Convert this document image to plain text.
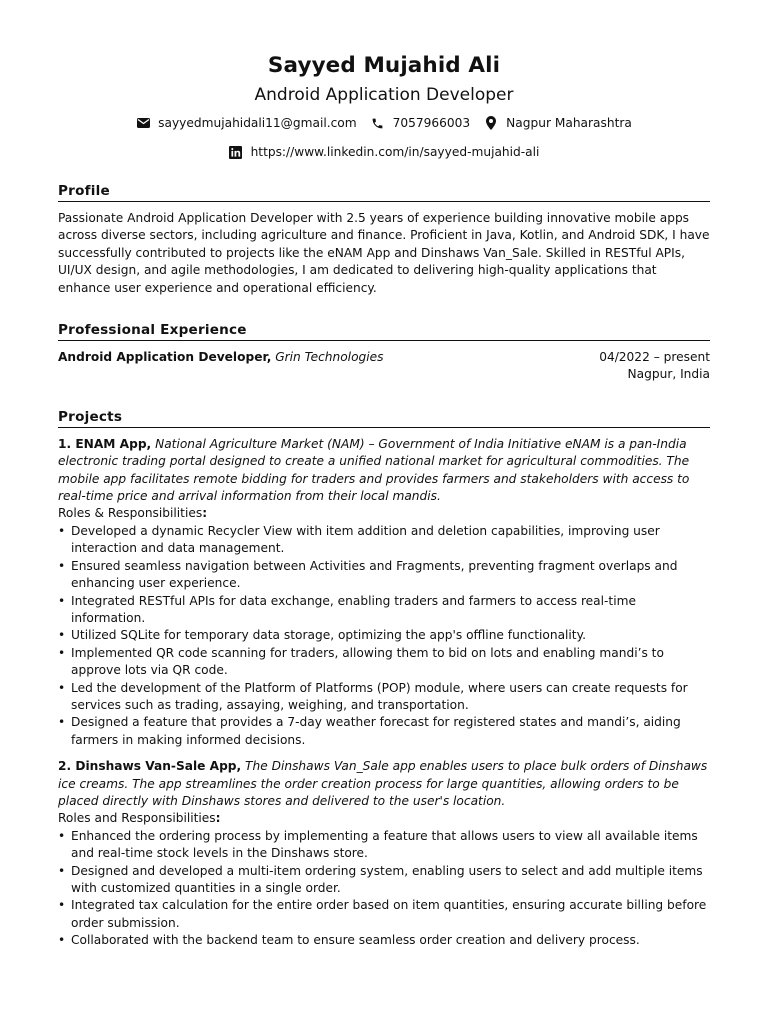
Sayyed Mujahid Ali
Android Application Developer
sayyedmujahidali11@gmail.com	7057966003	Nagpur Maharashtra
https://www.linkedin.com/in/sayyed-mujahid-ali
Profile
Passionate Android Application Developer with 2.5 years of experience building innovative mobile apps across diverse sectors, including agriculture and finance. Proficient in Java, Kotlin, and Android SDK, I have successfully contributed to projects like the eNAM App and Dinshaws Van_Sale. Skilled in RESTful APIs, UI/UX design, and agile methodologies, I am dedicated to delivering high-quality applications that enhance user experience and operational efficiency.
Professional Experience
Android Application Developer, Grin Technologies	04/2022 – present
Nagpur, India
Projects
1. ENAM App, National Agriculture Market (NAM) – Government of India Initiative eNAM is a pan-India electronic trading portal designed to create a unified national market for agricultural commodities. The mobile app facilitates remote bidding for traders and provides farmers and stakeholders with access to real-time price and arrival information from their local mandis.
Roles & Responsibilities:
• Developed a dynamic Recycler View with item addition and deletion capabilities, improving user interaction and data management.
• Ensured seamless navigation between Activities and Fragments, preventing fragment overlaps and enhancing user experience.
• Integrated RESTful APIs for data exchange, enabling traders and farmers to access real-time information.
• Utilized SQLite for temporary data storage, optimizing the app's offline functionality.
• Implemented QR code scanning for traders, allowing them to bid on lots and enabling mandi’s to approve lots via QR code.
• Led the development of the Platform of Platforms (POP) module, where users can create requests for services such as trading, assaying, weighing, and transportation.
• Designed a feature that provides a 7-day weather forecast for registered states and mandi’s, aiding farmers in making informed decisions.
2. Dinshaws Van-Sale App, The Dinshaws Van_Sale app enables users to place bulk orders of Dinshaws ice creams. The app streamlines the order creation process for large quantities, allowing orders to be placed directly with Dinshaws stores and delivered to the user's location.
Roles and Responsibilities:
• Enhanced the ordering process by implementing a feature that allows users to view all available items and real-time stock levels in the Dinshaws store.
• Designed and developed a multi-item ordering system, enabling users to select and add multiple items with customized quantities in a single order.
• Integrated tax calculation for the entire order based on item quantities, ensuring accurate billing before order submission.
• Collaborated with the backend team to ensure seamless order creation and delivery process.
